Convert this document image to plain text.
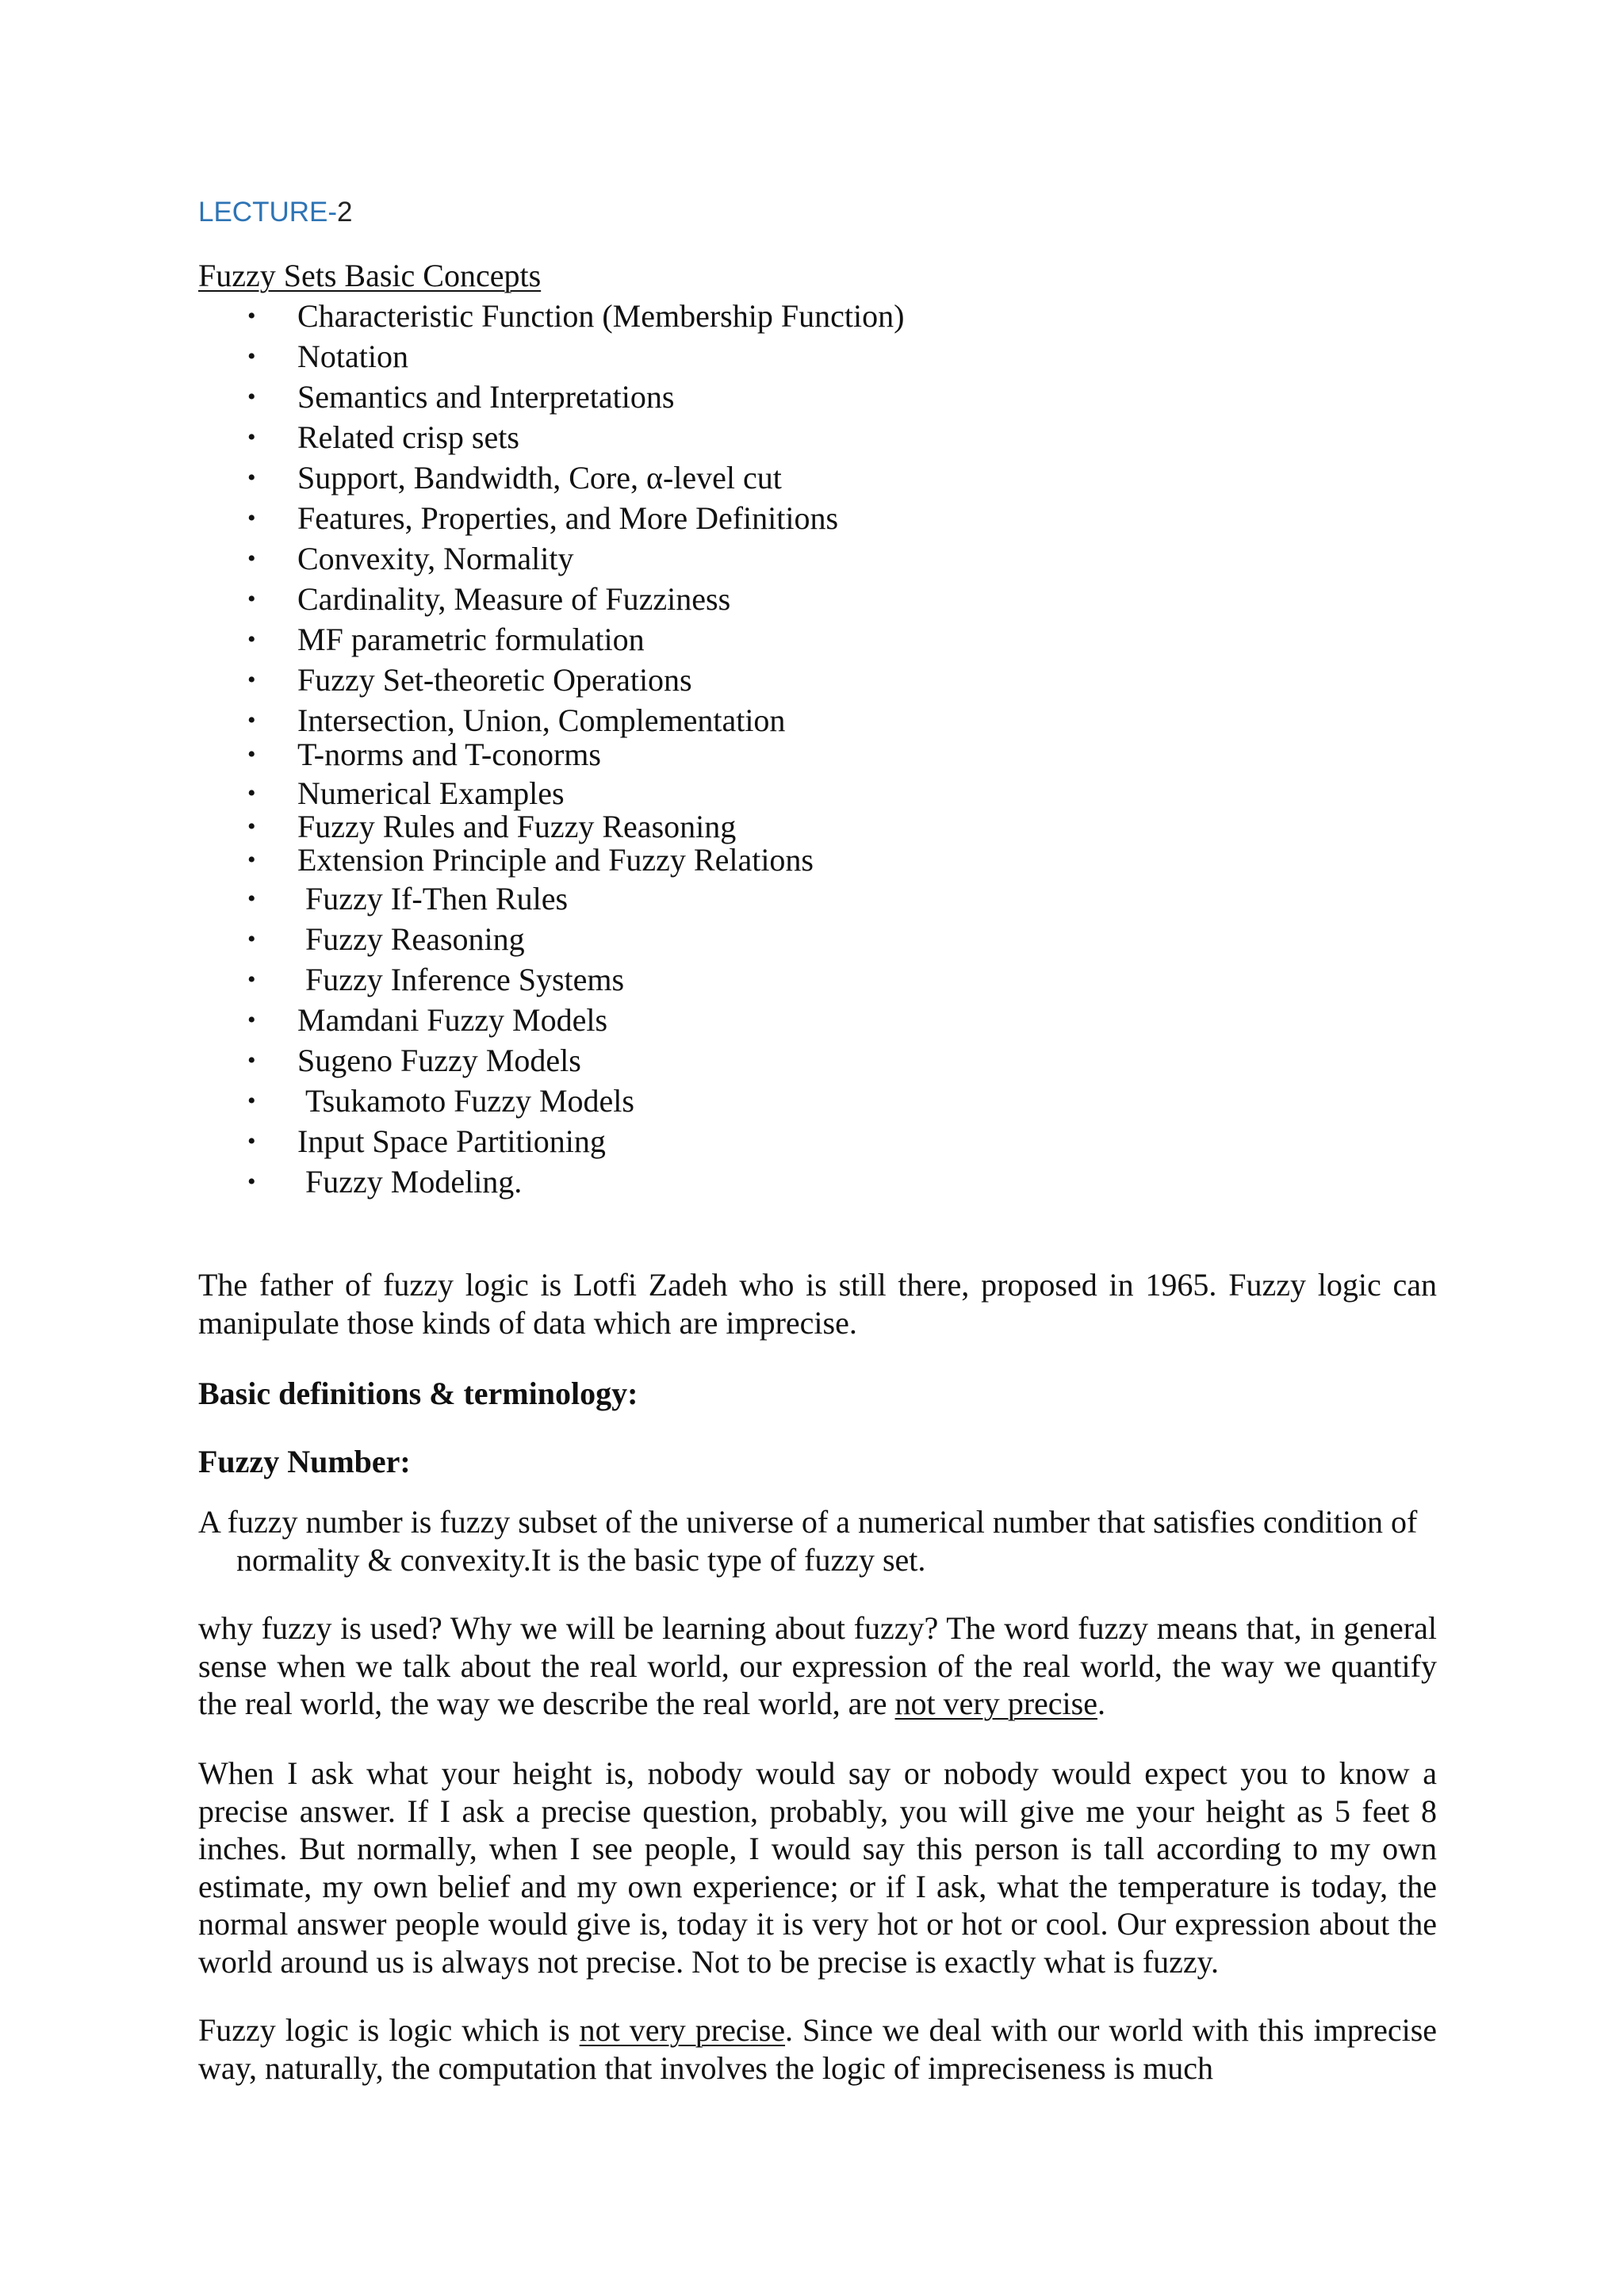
LECTURE-2
Fuzzy Sets Basic Concepts
• Characteristic Function (Membership Function)
• Notation
• Semantics and Interpretations
• Related crisp sets
• Support, Bandwidth, Core, α-level cut
• Features, Properties, and More Definitions
• Convexity, Normality
• Cardinality, Measure of Fuzziness
• MF parametric formulation
• Fuzzy Set-theoretic Operations
• Intersection, Union, Complementation
• T-norms and T-conorms
• Numerical Examples
• Fuzzy Rules and Fuzzy Reasoning
• Extension Principle and Fuzzy Relations
• Fuzzy If-Then Rules
• Fuzzy Reasoning
• Fuzzy Inference Systems
• Mamdani Fuzzy Models
• Sugeno Fuzzy Models
• Tsukamoto Fuzzy Models
• Input Space Partitioning
• Fuzzy Modeling.

The father of fuzzy logic is Lotfi Zadeh who is still there, proposed in 1965. Fuzzy logic can manipulate those kinds of data which are imprecise.

Basic definitions & terminology:
Fuzzy Number:

A fuzzy number is fuzzy subset of the universe of a numerical number that satisfies condition of normality & convexity.It is the basic type of fuzzy set.

why fuzzy is used? Why we will be learning about fuzzy? The word fuzzy means that, in general sense when we talk about the real world, our expression of the real world, the way we quantify the real world, the way we describe the real world, are not very precise.

When I ask what your height is, nobody would say or nobody would expect you to know a precise answer. If I ask a precise question, probably, you will give me your height as 5 feet 8 inches. But normally, when I see people, I would say this person is tall according to my own estimate, my own belief and my own experience; or if I ask, what the temperature is today, the normal answer people would give is, today it is very hot or hot or cool. Our expression about the world around us is always not precise. Not to be precise is exactly what is fuzzy.

Fuzzy logic is logic which is not very precise. Since we deal with our world with this imprecise way, naturally, the computation that involves the logic of impreciseness is much
